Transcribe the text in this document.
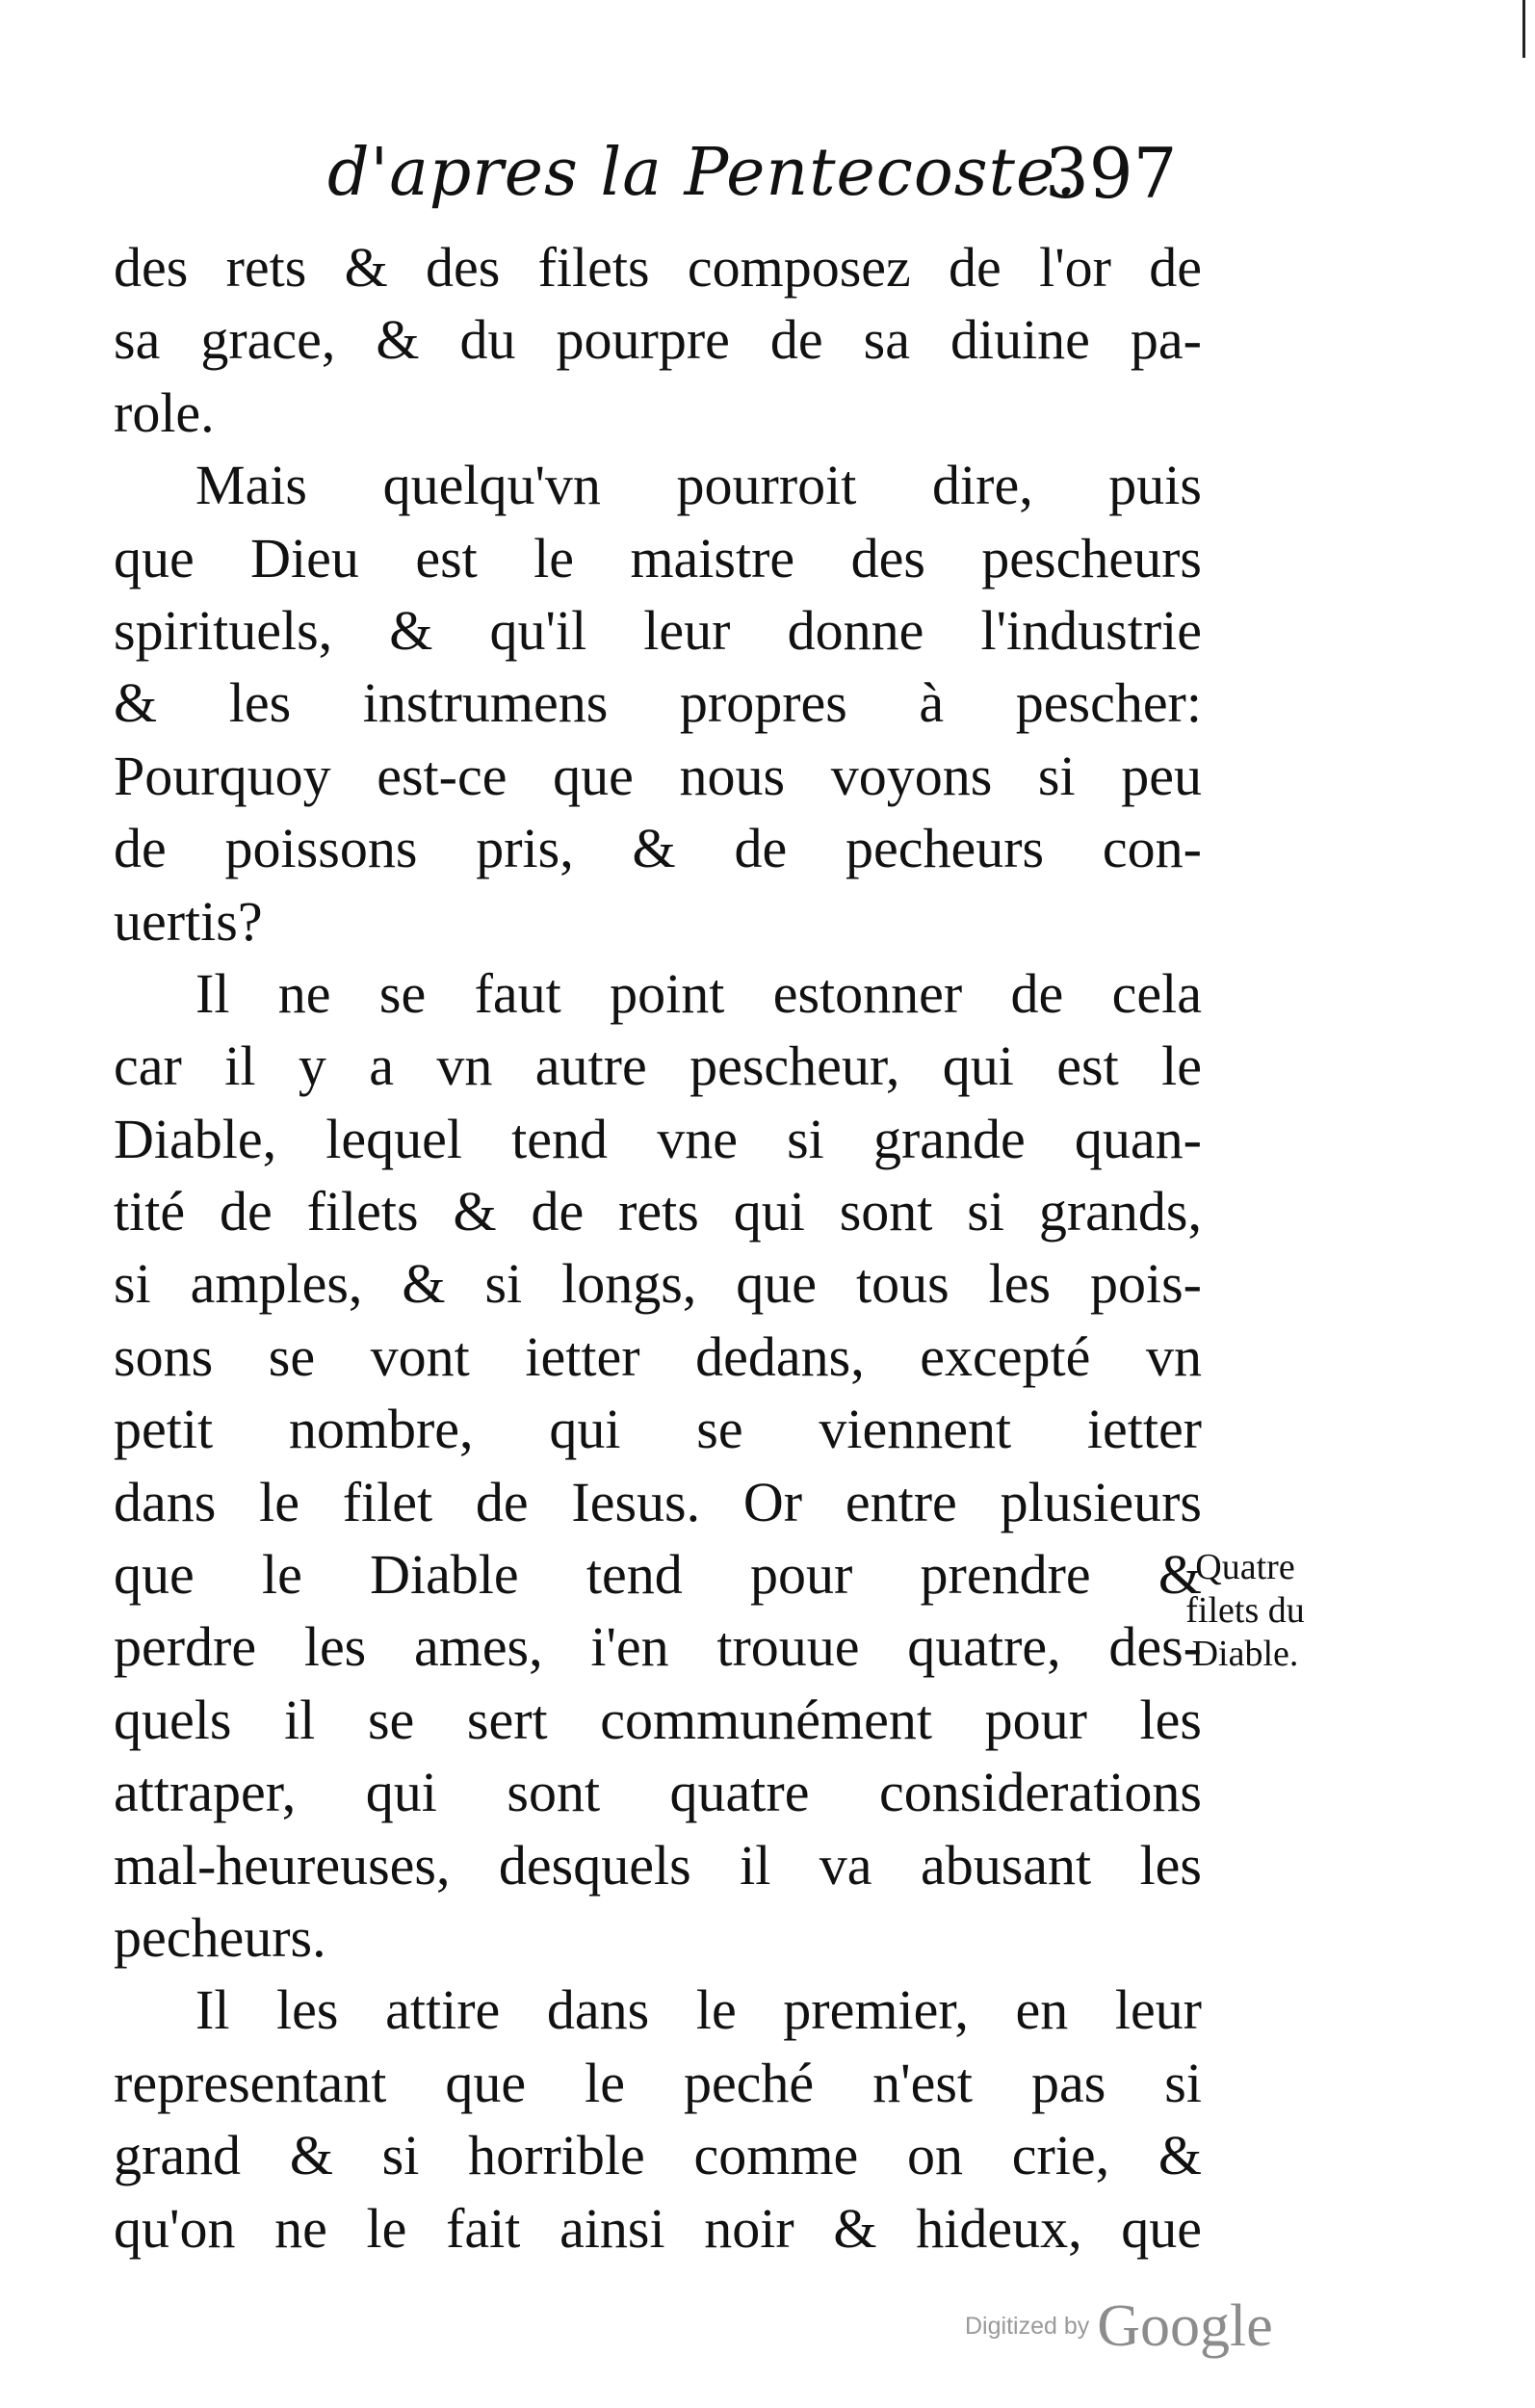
d'apres la Pentecoste.
397
des rets & des filets composez de l'or de
sa grace, & du pourpre de sa diuine pa-
role.
Mais quelqu'vn pourroit dire, puis
que Dieu est le maistre des pescheurs
spirituels, & qu'il leur donne l'industrie
& les instrumens propres à pescher:
Pourquoy est-ce que nous voyons si peu
de poissons pris, & de pecheurs con-
uertis?
Il ne se faut point estonner de cela
car il y a vn autre pescheur, qui est le
Diable, lequel tend vne si grande quan-
tité de filets & de rets qui sont si grands,
si amples, & si longs, que tous les pois-
sons se vont ietter dedans, excepté vn
petit nombre, qui se viennent ietter
dans le filet de Iesus. Or entre plusieurs
que le Diable tend pour prendre &
perdre les ames, i'en trouue quatre, des-
quels il se sert communément pour les
attraper, qui sont quatre considerations
mal-heureuses, desquels il va abusant les
pecheurs.
Il les attire dans le premier, en leur
representant que le peché n'est pas si
grand & si horrible comme on crie, &
qu'on ne le fait ainsi noir & hideux, que
Quatre
filets du
Diable.
Digitized by Google
